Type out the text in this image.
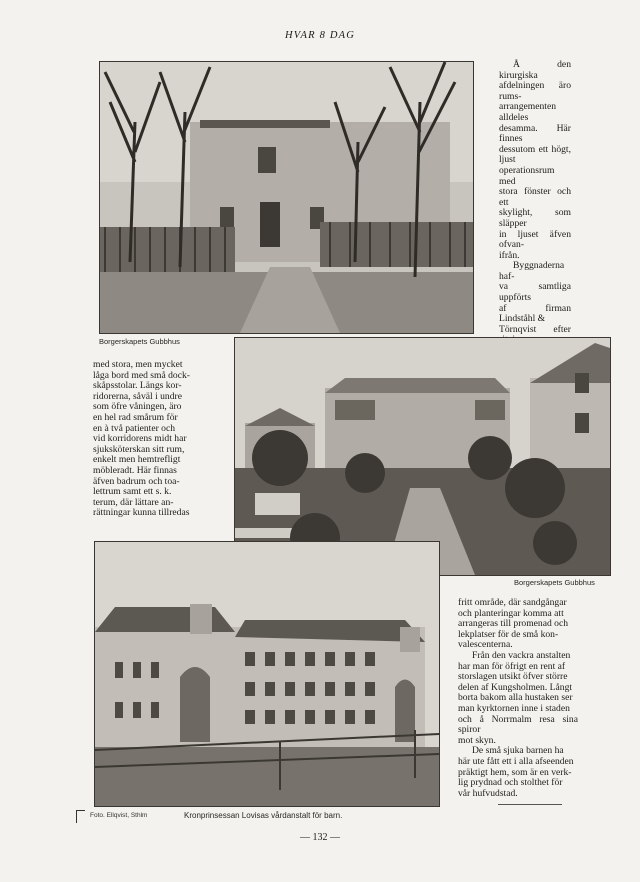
HVAR 8 DAG
Borgerskapets Gubbhus

Å den kirurgiska
afdelningen äro rums-
arrangementen alldeles
desamma. Här finnes
dessutom ett högt, ljust
operationsrum med
stora fönster och ett
skylight, som släpper
in ljuset äfven ofvan-
ifrån.
Byggnaderna haf-
va samtliga uppförts
af firman Lindståhl &
Törnqvist efter

Borgerskapets Gubbhus

med stora, men mycket
låga bord med små dock-
skåpsstolar. Längs kor-
ridorerna, såväl i undre
som öfre våningen, äro
en hel rad smårum för
en à två patienter och
vid korridorens midt har
sjuksköterskan sitt rum,
enkelt men hemtrefligt
möbleradt. Här finnas
äfven badrum och toa-
lettrum samt ett s. k.
terum, där lättare an-
rättningar kunna tillredas

fritt område, där sandgångar
och planteringar komma att
arrangeras till promenad och
lekplatser för de små kon-
valescenterna.
Från den vackra anstalten
har man för öfrigt en rent af
storslagen utsikt öfver större
delen af Kungsholmen. Långt
borta bakom alla hustaken ser
man kyrktornen inne i staden
och å Norrmalm resa sina spiror
mot skyn.
De små sjuka barnen ha
här ute fått ett i alla afseenden
präktigt hem, som är en verk-
lig prydnad och stolthet för
vår hufvudstad.

Foto. Ellqvist, Sthlm	Kronprinsessan Lovisas vårdanstalt för barn.
— 132 —
